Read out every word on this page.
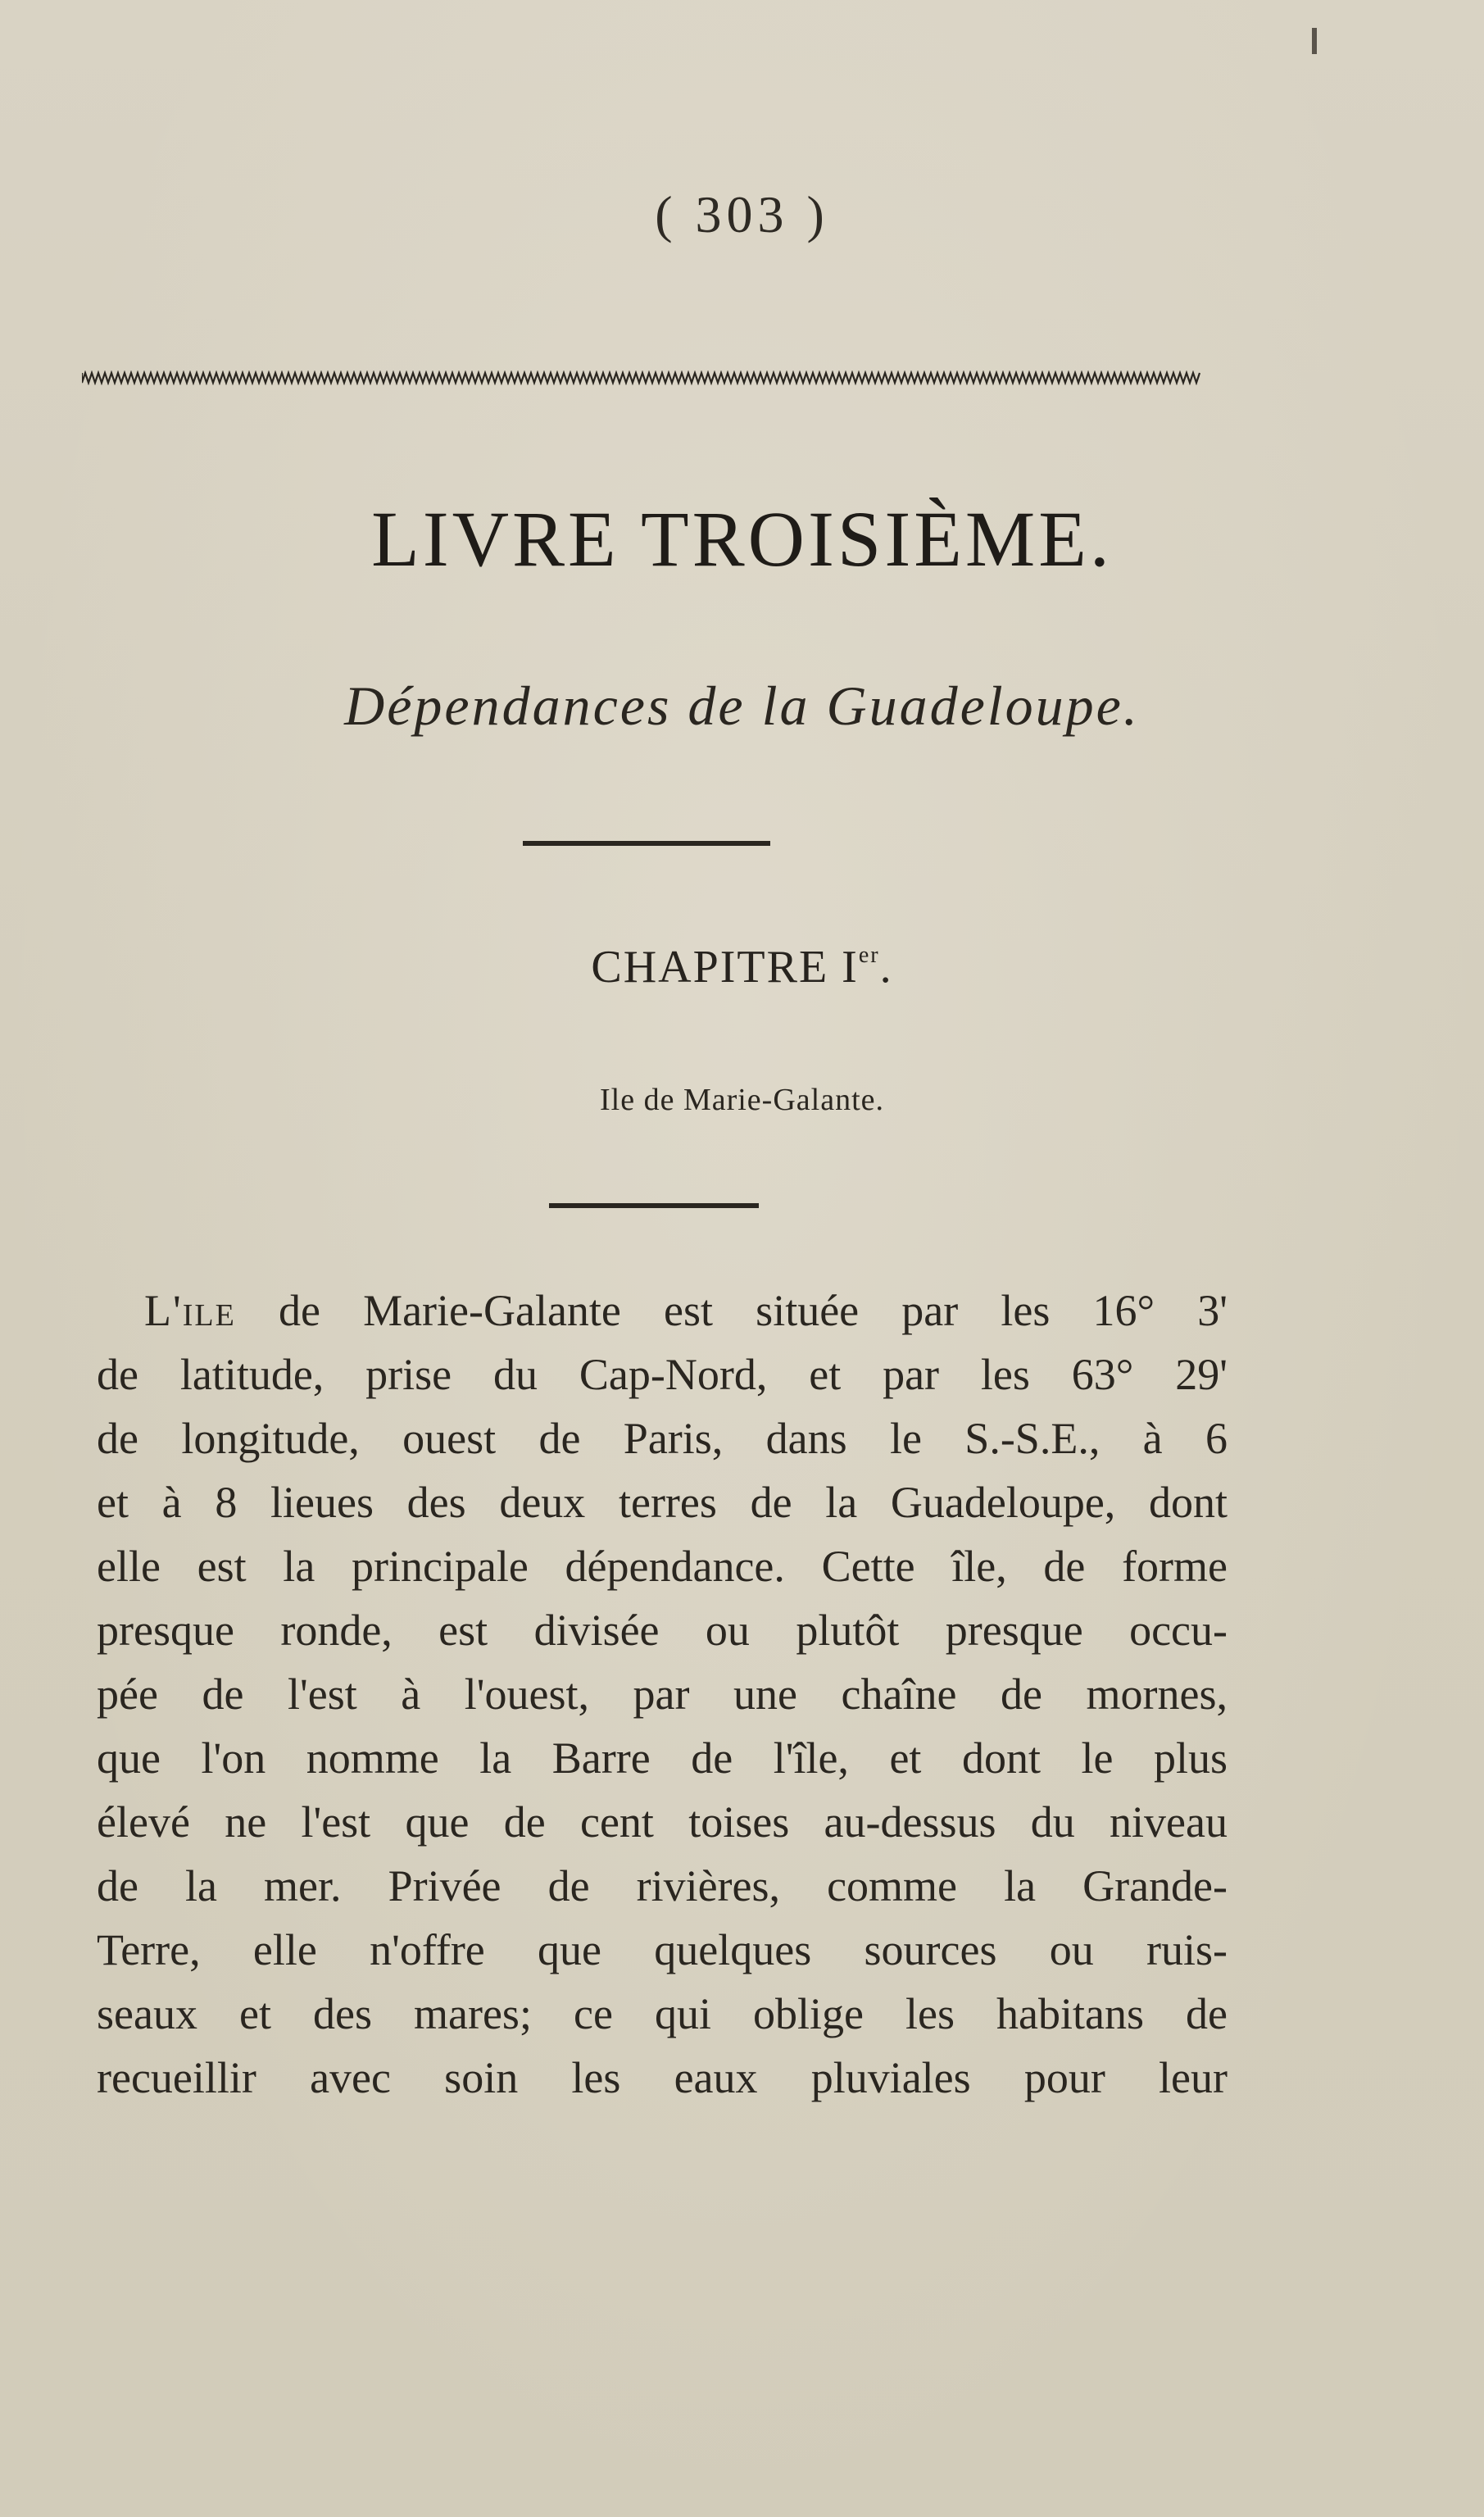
( 303 )
LIVRE TROISIÈME.
Dépendances de la Guadeloupe.
CHAPITRE Ier.
Ile de Marie-Galante.
L'ile de Marie-Galante est située par les 16° 3'
de latitude, prise du Cap-Nord, et par les 63° 29'
de longitude, ouest de Paris, dans le S.-S.E., à 6
et à 8 lieues des deux terres de la Guadeloupe, dont
elle est la principale dépendance. Cette île, de forme
presque ronde, est divisée ou plutôt presque occu-
pée de l'est à l'ouest, par une chaîne de mornes,
que l'on nomme la Barre de l'île, et dont le plus
élevé ne l'est que de cent toises au-dessus du niveau
de la mer. Privée de rivières, comme la Grande-
Terre, elle n'offre que quelques sources ou ruis-
seaux et des mares; ce qui oblige les habitans de
recueillir avec soin les eaux pluviales pour leur
